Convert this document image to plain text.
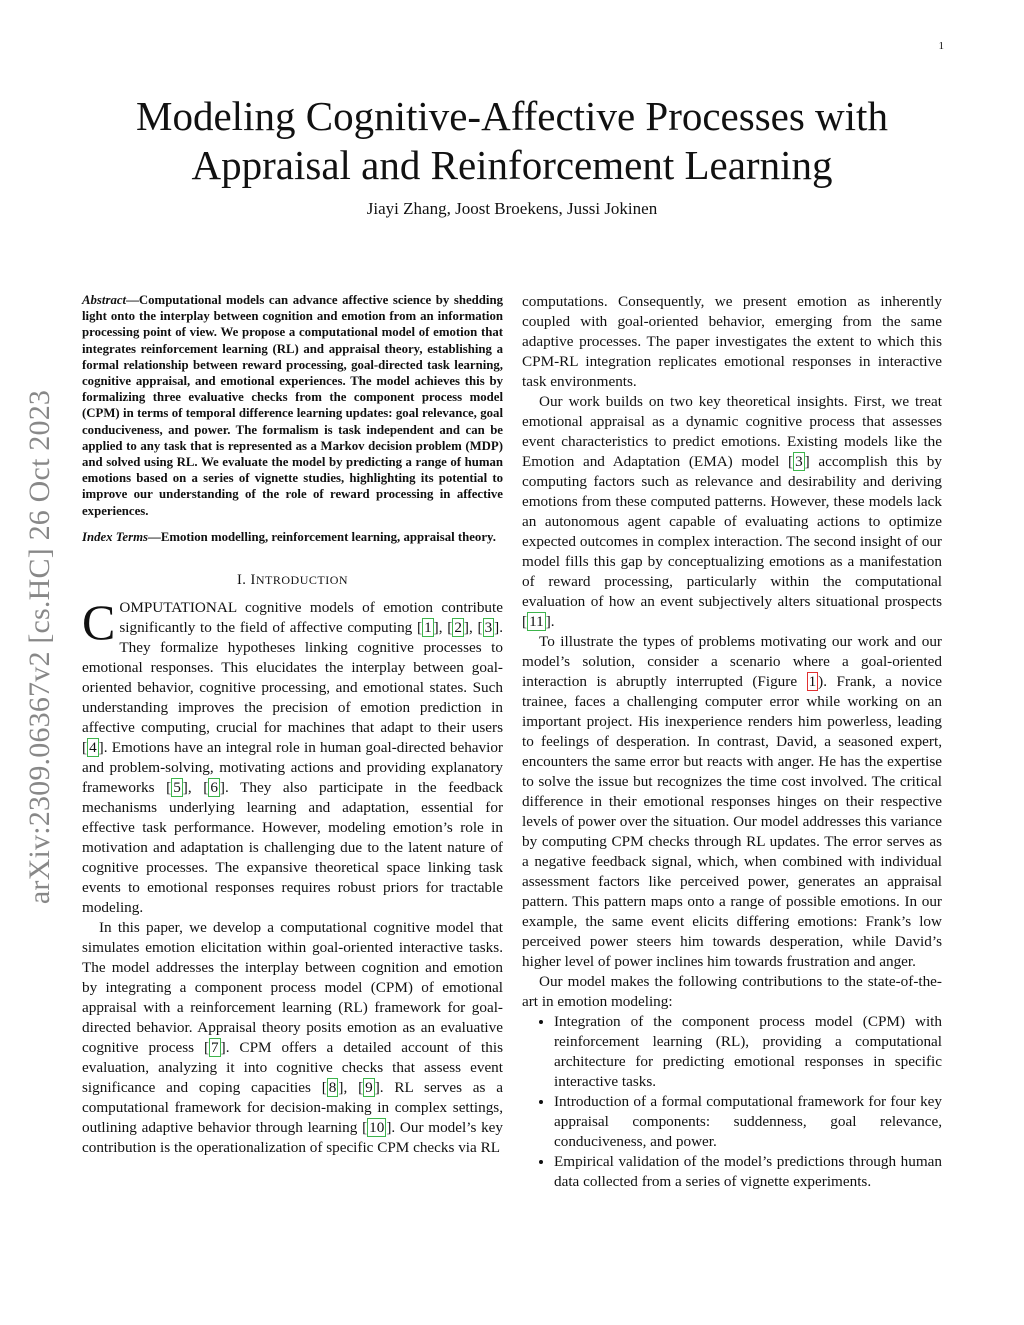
1
arXiv:2309.06367v2 [cs.HC] 26 Oct 2023
Modeling Cognitive-Affective Processes with
Appraisal and Reinforcement Learning
Jiayi Zhang, Joost Broekens, Jussi Jokinen
Abstract—Computational models can advance affective science by shedding light onto the interplay between cognition and emotion from an information processing point of view. We propose a computational model of emotion that integrates reinforcement learning (RL) and appraisal theory, establishing a formal relationship between reward processing, goal-directed task learning, cognitive appraisal, and emotional experiences. The model achieves this by formalizing three evaluative checks from the component process model (CPM) in terms of temporal difference learning updates: goal relevance, goal conduciveness, and power. The formalism is task independent and can be applied to any task that is represented as a Markov decision problem (MDP) and solved using RL. We evaluate the model by predicting a range of human emotions based on a series of vignette studies, highlighting its potential to improve our understanding of the role of reward processing in affective experiences.
Index Terms—Emotion modelling, reinforcement learning, appraisal theory.
I. INTRODUCTION

COMPUTATIONAL cognitive models of emotion contribute significantly to the field of affective computing [ 1 ], [ 2 ], [ 3 ]. They formalize hypotheses linking cognitive processes to emotional responses. This elucidates the interplay between goal-oriented behavior, cognitive processing, and emotional states. Such understanding improves the precision of emotion prediction in affective computing, crucial for machines that adapt to their users [ 4 ]. Emotions have an integral role in human goal-directed behavior and problem-solving, motivating actions and providing explanatory frameworks [ 5 ], [ 6 ]. They also participate in the feedback mechanisms underlying learning and adaptation, essential for effective task performance. However, modeling emotion’s role in motivation and adaptation is challenging due to the latent nature of cognitive processes. The expansive theoretical space linking task events to emotional responses requires robust priors for tractable modeling.

In this paper, we develop a computational cognitive model that simulates emotion elicitation within goal-oriented interactive tasks. The model addresses the interplay between cognition and emotion by integrating a component process model (CPM) of emotional appraisal with a reinforcement learning (RL) framework for goal-directed behavior. Appraisal theory posits emotion as an evaluative cognitive process [ 7 ]. CPM offers a detailed account of this evaluation, analyzing it into cognitive checks that assess event significance and coping capacities [ 8 ], [ 9 ]. RL serves as a computational framework for decision-making in complex settings, outlining adaptive behavior through learning [ 10 ]. Our model’s key contribution is the operationalization of specific CPM checks via RL

computations. Consequently, we present emotion as inherently coupled with goal-oriented behavior, emerging from the same adaptive processes. The paper investigates the extent to which this CPM-RL integration replicates emotional responses in interactive task environments.

Our work builds on two key theoretical insights. First, we treat emotional appraisal as a dynamic cognitive process that assesses event characteristics to predict emotions. Existing models like the Emotion and Adaptation (EMA) model [ 3 ] accomplish this by computing factors such as relevance and desirability and deriving emotions from these computed patterns. However, these models lack an autonomous agent capable of evaluating actions to optimize expected outcomes in complex interaction. The second insight of our model fills this gap by conceptualizing emotions as a manifestation of reward processing, particularly within the computational evaluation of how an event subjectively alters situational prospects [ 11 ].

To illustrate the types of problems motivating our work and our model’s solution, consider a scenario where a goal-oriented interaction is abruptly interrupted (Figure 1 ). Frank, a novice trainee, faces a challenging computer error while working on an important project. His inexperience renders him powerless, leading to feelings of desperation. In contrast, David, a seasoned expert, encounters the same error but reacts with anger. He has the expertise to solve the issue but recognizes the time cost involved. The critical difference in their emotional responses hinges on their respective levels of power over the situation. Our model addresses this variance by computing CPM checks through RL updates. The error serves as a negative feedback signal, which, when combined with individual assessment factors like perceived power, generates an appraisal pattern. This pattern maps onto a range of possible emotions. In our example, the same event elicits differing emotions: Frank’s low perceived power steers him towards desperation, while David’s higher level of power inclines him towards frustration and anger.

Our model makes the following contributions to the state-of-the-art in emotion modeling:

• Integration of the component process model (CPM) with reinforcement learning (RL), providing a computational architecture for predicting emotional responses in specific interactive tasks.
• Introduction of a formal computational framework for four key appraisal components: suddenness, goal relevance, conduciveness, and power.
• Empirical validation of the model’s predictions through human data collected from a series of vignette experiments.
